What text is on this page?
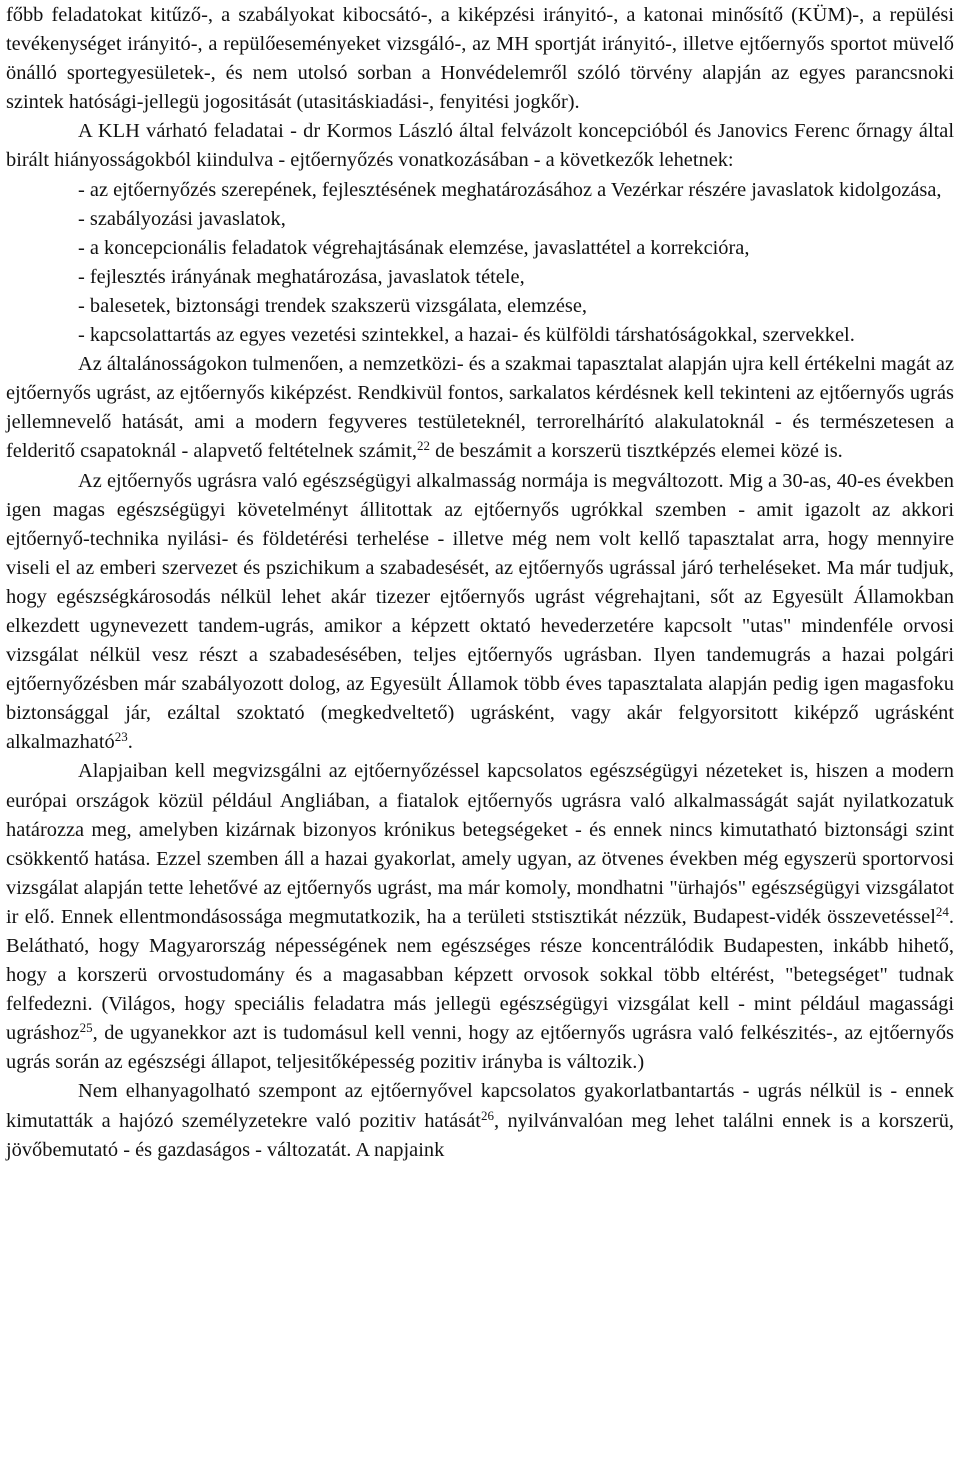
főbb feladatokat kitűző-, a szabályokat kibocsátó-, a kiképzési irányitó-, a katonai minősítő (KÜM)-, a repülési tevékenységet irányitó-, a repülőeseményeket vizsgáló-, az MH sportját irányitó-, illetve ejtőernyős sportot müvelő önálló sportegyesületek-, és nem utolsó sorban a Honvédelemről szóló törvény alapján az egyes parancsnoki szintek hatósági-jellegü jogositását (utasitáskiadási-, fenyitési jogkőr).

A KLH várható feladatai - dr Kormos László által felvázolt koncepcióból és Janovics Ferenc őrnagy által birált hiányosságokból kiindulva - ejtőernyőzés vonatkozásában - a következők lehetnek:

- az ejtőernyőzés szerepének, fejlesztésének meghatározásához a Vezérkar részére javaslatok kidolgozása,

- szabályozási javaslatok,

- a koncepcionális feladatok végrehajtásának elemzése, javaslattétel a korrekcióra,

- fejlesztés irányának meghatározása, javaslatok tétele,

- balesetek, biztonsági trendek szakszerü vizsgálata, elemzése,

- kapcsolattartás az egyes vezetési szintekkel, a hazai- és külföldi társhatóságokkal, szervekkel.

Az általánosságokon tulmenően, a nemzetközi- és a szakmai tapasztalat alapján ujra kell értékelni magát az ejtőernyős ugrást, az ejtőernyős kiképzést. Rendkivül fontos, sarkalatos kérdésnek kell tekinteni az ejtőernyős ugrás jellemnevelő hatását, ami a modern fegyveres testületeknél, terrorelhárító alakulatoknál - és természetesen a felderitő csapatoknál - alapvető feltételnek számit,$^{22}$ de beszámit a korszerü tisztképzés elemei közé is.

Az ejtőernyős ugrásra való egészségügyi alkalmasság normája is megváltozott. Mig a 30-as, 40-es években igen magas egészségügyi követelményt állitottak az ejtőernyős ugrókkal szemben - amit igazolt az akkori ejtőernyő-technika nyilási- és földetérési terhelése - illetve még nem volt kellő tapasztalat arra, hogy mennyire viseli el az emberi szervezet és pszichikum a szabadesését, az ejtőernyős ugrással járó terheléseket. Ma már tudjuk, hogy egészségkárosodás nélkül lehet akár tizezer ejtőernyős ugrást végrehajtani, sőt az Egyesült Államokban elkezdett ugynevezett tandem-ugrás, amikor a képzett oktató hevederzetére kapcsolt "utas" mindenféle orvosi vizsgálat nélkül vesz részt a szabadesésében, teljes ejtőernyős ugrásban. Ilyen tandemugrás a hazai polgári ejtőernyőzésben már szabályozott dolog, az Egyesült Államok több éves tapasztalata alapján pedig igen magasfoku biztonsággal jár, ezáltal szoktató (megkedveltető) ugrásként, vagy akár felgyorsitott kiképző ugrásként alkalmazható$^{23}$.

Alapjaiban kell megvizsgálni az ejtőernyőzéssel kapcsolatos egészségügyi nézeteket is, hiszen a modern európai országok közül például Angliában, a fiatalok ejtőernyős ugrásra való alkalmasságát saját nyilatkozatuk határozza meg, amelyben kizárnak bizonyos krónikus betegségeket - és ennek nincs kimutatható biztonsági szint csökkentő hatása. Ezzel szemben áll a hazai gyakorlat, amely ugyan, az ötvenes években még egyszerü sportorvosi vizsgálat alapján tette lehetővé az ejtőernyős ugrást, ma már komoly, mondhatni "ürhajós" egészségügyi vizsgálatot ir elő. Ennek ellentmondásossága megmutatkozik, ha a területi ststisztikát nézzük, Budapest-vidék összevetéssel$^{24}$. Belátható, hogy Magyarország népességének nem egészséges része koncentrálódik Budapesten, inkább hihető, hogy a korszerü orvostudomány és a magasabban képzett orvosok sokkal több eltérést, "betegséget" tudnak felfedezni. (Világos, hogy speciális feladatra más jellegü egészségügyi vizsgálat kell - mint például magassági ugráshoz$^{25}$, de ugyanekkor azt is tudomásul kell venni, hogy az ejtőernyős ugrásra való felkészités-, az ejtőernyős ugrás során az egészségi állapot, teljesitőképesség pozitiv irányba is változik.)

Nem elhanyagolható szempont az ejtőernyővel kapcsolatos gyakorlatbantartás - ugrás nélkül is - ennek kimutatták a hajózó személyzetekre való pozitiv hatását$^{26}$, nyilvánvalóan meg lehet találni ennek is a korszerü, jövőbemutató - és gazdaságos - változatát. A napjaink
